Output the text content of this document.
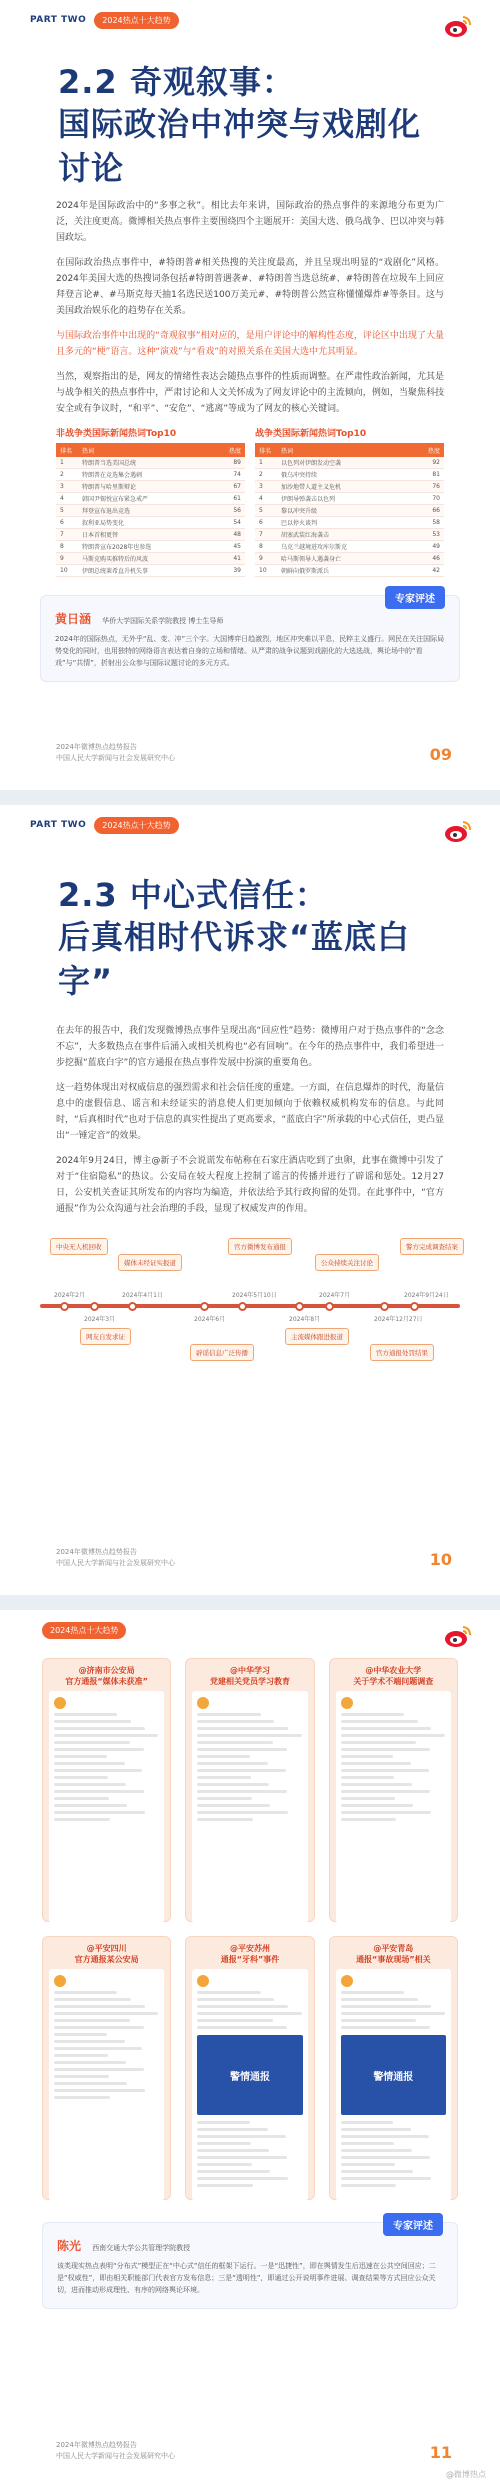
PART TWO	2024热点十大趋势
2.2 奇观叙事：
国际政治中冲突与戏剧化讨论
2024年是国际政治中的“多事之秋”。相比去年来讲，国际政治的热点事件的来源地分布更为广泛，关注度更高。微博相关热点事件主要围绕四个主题展开：美国大选、俄乌战争、巴以冲突与韩国政坛。
在国际政治热点事件中，#特朗普#相关热搜的关注度最高，并且呈现出明显的“戏剧化”风格。2024年美国大选的热搜词条包括#特朗普遇袭#、#特朗普当选总统#、#特朗普在垃圾车上回应拜登言论#、#马斯克每天抽1名选民送100万美元#、#特朗普公然宣称懂懂爆炸#等条目。这与美国政治娱乐化的趋势存在关系。
与国际政治事件中出现的“奇观叙事”相对应的，是用户评论中的解构性态度，评论区中出现了大量且多元的“梗”语言。这种“演戏”与“看戏”的对照关系在美国大选中尤其明显。
当然，观察指出的是，网友的情绪性表达会随热点事件的性质而调整。在严肃性政治新闻，尤其是与战争相关的热点事件中，严肃讨论和人文关怀成为了网友评论中的主流倾向，例如，当聚焦科技安全或有争议时，“和平”、“安危”、“逃离”等成为了网友的核心关键词。
非战争类国际新闻热词Top10
排名	热词	热度
1	特朗普当选美国总统	89
2	特朗普在竞选集会遇刺	74
3	特朗普与哈里斯辩论	67
4	韩国尹锡悦宣布紧急戒严	61
5	拜登宣布退出竞选	56
6	叙利亚局势变化	54
7	日本首相更替	48
8	特朗普宣布2028年也参选	45
9	马斯克购买推特后的风波	41
10	伊朗总统莱希直升机失事	39
战争类国际新闻热词Top10
排名	热词	热度
1	以色列对伊朗发动空袭	92
2	俄乌冲突持续	81
3	加沙地带人道主义危机	76
4	伊朗导弹袭击以色列	70
5	黎以冲突升级	66
6	巴以停火谈判	58
7	胡塞武装红海袭击	53
8	乌克兰越境进攻库尔斯克	49
9	哈马斯领导人遇袭身亡	46
10	朝鲜向俄罗斯派兵	42
专家评述
黄日涵 华侨大学国际关系学院教授 博士生导师
2024年的国际热点，无外乎“乱、变、冲”三个字。大国博弈日趋激烈，地区冲突难以平息，民粹主义盛行。网民在关注国际局势变化的同时，也用独特的网络语言表达着自身的立场和情绪。从严肃的战争议题到戏剧化的大选选战，舆论场中的“看戏”与“共情”，折射出公众参与国际议题讨论的多元方式。
2024年微博热点趋势报告
中国人民大学新闻与社会发展研究中心	09
PART TWO	2024热点十大趋势
2.3 中心式信任：
后真相时代诉求“蓝底白字”
在去年的报告中，我们发现微博热点事件呈现出高“回应性”趋势：微博用户对于热点事件的“念念不忘”，大多数热点在事件后涌入或相关机构也“必有回响”。在今年的热点事件中，我们希望进一步挖掘“蓝底白字”的官方通报在热点事件发展中扮演的重要角色。
这一趋势体现出对权威信息的强烈需求和社会信任度的重建。一方面，在信息爆炸的时代，海量信息中的虚假信息、谣言和未经证实的消息使人们更加倾向于依赖权威机构发布的信息。与此同时，“后真相时代”也对于信息的真实性提出了更高要求，“蓝底白字”所承载的中心式信任，更凸显出“一锤定音”的效果。
2024年9月24日，博主@新子不会说谎发布帖称在石家庄酒店吃到了虫卵，此事在微博中引发了对于“住宿隐私”的热议。公安局在较大程度上控制了谣言的传播并进行了辟谣和惩处。12月27日，公安机关查证其所发布的内容均为编造，并依法给予其行政拘留的处罚。在此事件中，“官方通报”作为公众沟通与社会治理的手段，显现了权威发声的作用。
中央无人机回收
2024年2月
媒体未经证实报道
2024年4月1日
官方微博发布通报
2024年5月10日
公众持续关注讨论
2024年7月
警方完成调查结案
2024年9月24日
网友自发求证
2024年3月
辟谣信息广泛传播
2024年6月
主流媒体跟进报道
2024年8月
官方通报处罚结果
2024年12月27日
2024年微博热点趋势报告
中国人民大学新闻与社会发展研究中心	10
2024热点十大趋势
@济南市公安局
官方通报“媒体未获准”
@中华学习
党建相关党员学习教育
@中华农业大学
关于学术不端问题调查
@平安四川
官方通报某公安局
@平安苏州
通报“牙科”事件
警情通报
@平安青岛
通报“事故现场”相关
警情通报
专家评述
陈光 西南交通大学公共管理学院教授
该类现实热点表明“分布式”模型正在“中心式”信任的框架下运行。一是“迅捷性”，即在舆情发生后迅速在公共空间回应；二是“权威性”，即由相关职能部门代表官方发布信息；三是“透明性”，即通过公开说明事件进展、调查结果等方式回应公众关切，进而推动形成理性、有序的网络舆论环境。
2024年微博热点趋势报告
中国人民大学新闻与社会发展研究中心	11
@微博热点
